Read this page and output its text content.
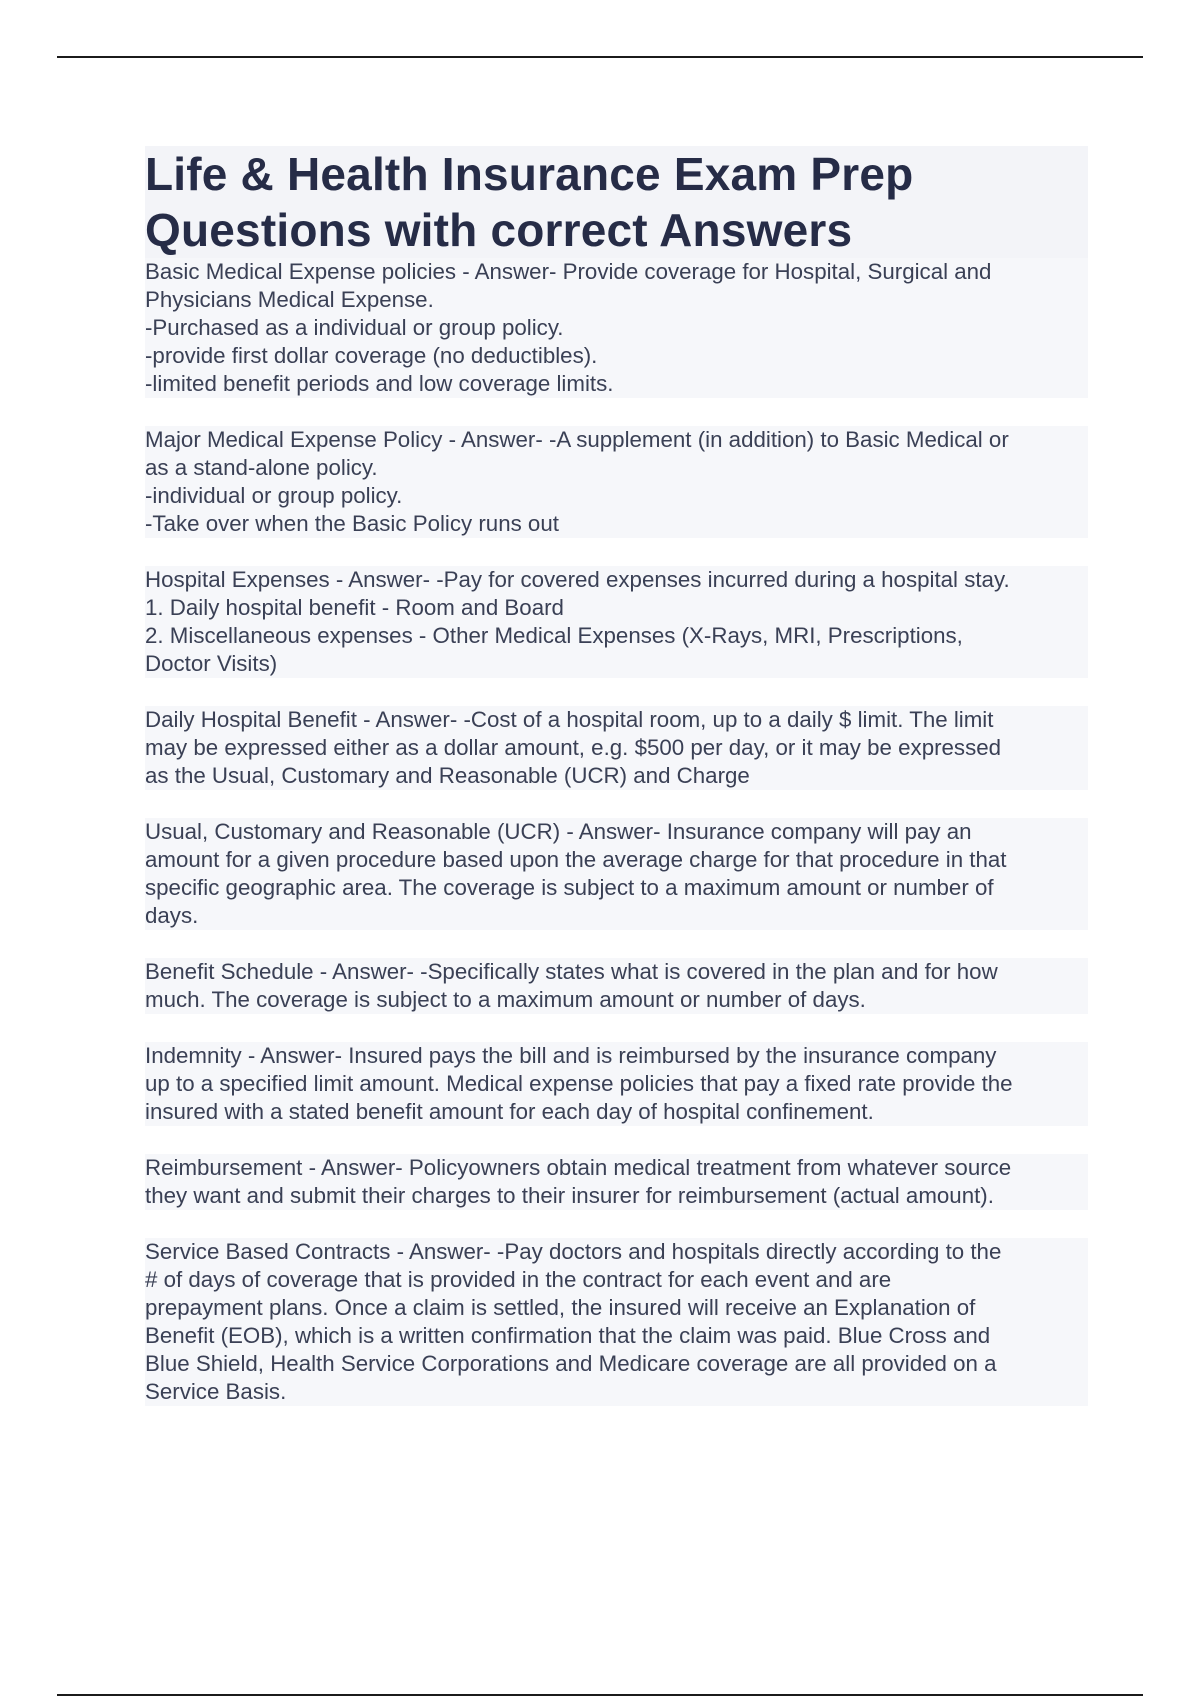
Life & Health Insurance Exam Prep
Questions with correct Answers
Basic Medical Expense policies - Answer- Provide coverage for Hospital, Surgical and
Physicians Medical Expense.
-Purchased as a individual or group policy.
-provide first dollar coverage (no deductibles).
-limited benefit periods and low coverage limits.
Major Medical Expense Policy - Answer- -A supplement (in addition) to Basic Medical or
as a stand-alone policy.
-individual or group policy.
-Take over when the Basic Policy runs out
Hospital Expenses - Answer- -Pay for covered expenses incurred during a hospital stay.
1. Daily hospital benefit - Room and Board
2. Miscellaneous expenses - Other Medical Expenses (X-Rays, MRI, Prescriptions,
Doctor Visits)
Daily Hospital Benefit - Answer- -Cost of a hospital room, up to a daily $ limit. The limit
may be expressed either as a dollar amount, e.g. $500 per day, or it may be expressed
as the Usual, Customary and Reasonable (UCR) and Charge
Usual, Customary and Reasonable (UCR) - Answer- Insurance company will pay an
amount for a given procedure based upon the average charge for that procedure in that
specific geographic area. The coverage is subject to a maximum amount or number of
days.
Benefit Schedule - Answer- -Specifically states what is covered in the plan and for how
much. The coverage is subject to a maximum amount or number of days.
Indemnity - Answer- Insured pays the bill and is reimbursed by the insurance company
up to a specified limit amount. Medical expense policies that pay a fixed rate provide the
insured with a stated benefit amount for each day of hospital confinement.
Reimbursement - Answer- Policyowners obtain medical treatment from whatever source
they want and submit their charges to their insurer for reimbursement (actual amount).
Service Based Contracts - Answer- -Pay doctors and hospitals directly according to the
# of days of coverage that is provided in the contract for each event and are
prepayment plans. Once a claim is settled, the insured will receive an Explanation of
Benefit (EOB), which is a written confirmation that the claim was paid. Blue Cross and
Blue Shield, Health Service Corporations and Medicare coverage are all provided on a
Service Basis.
